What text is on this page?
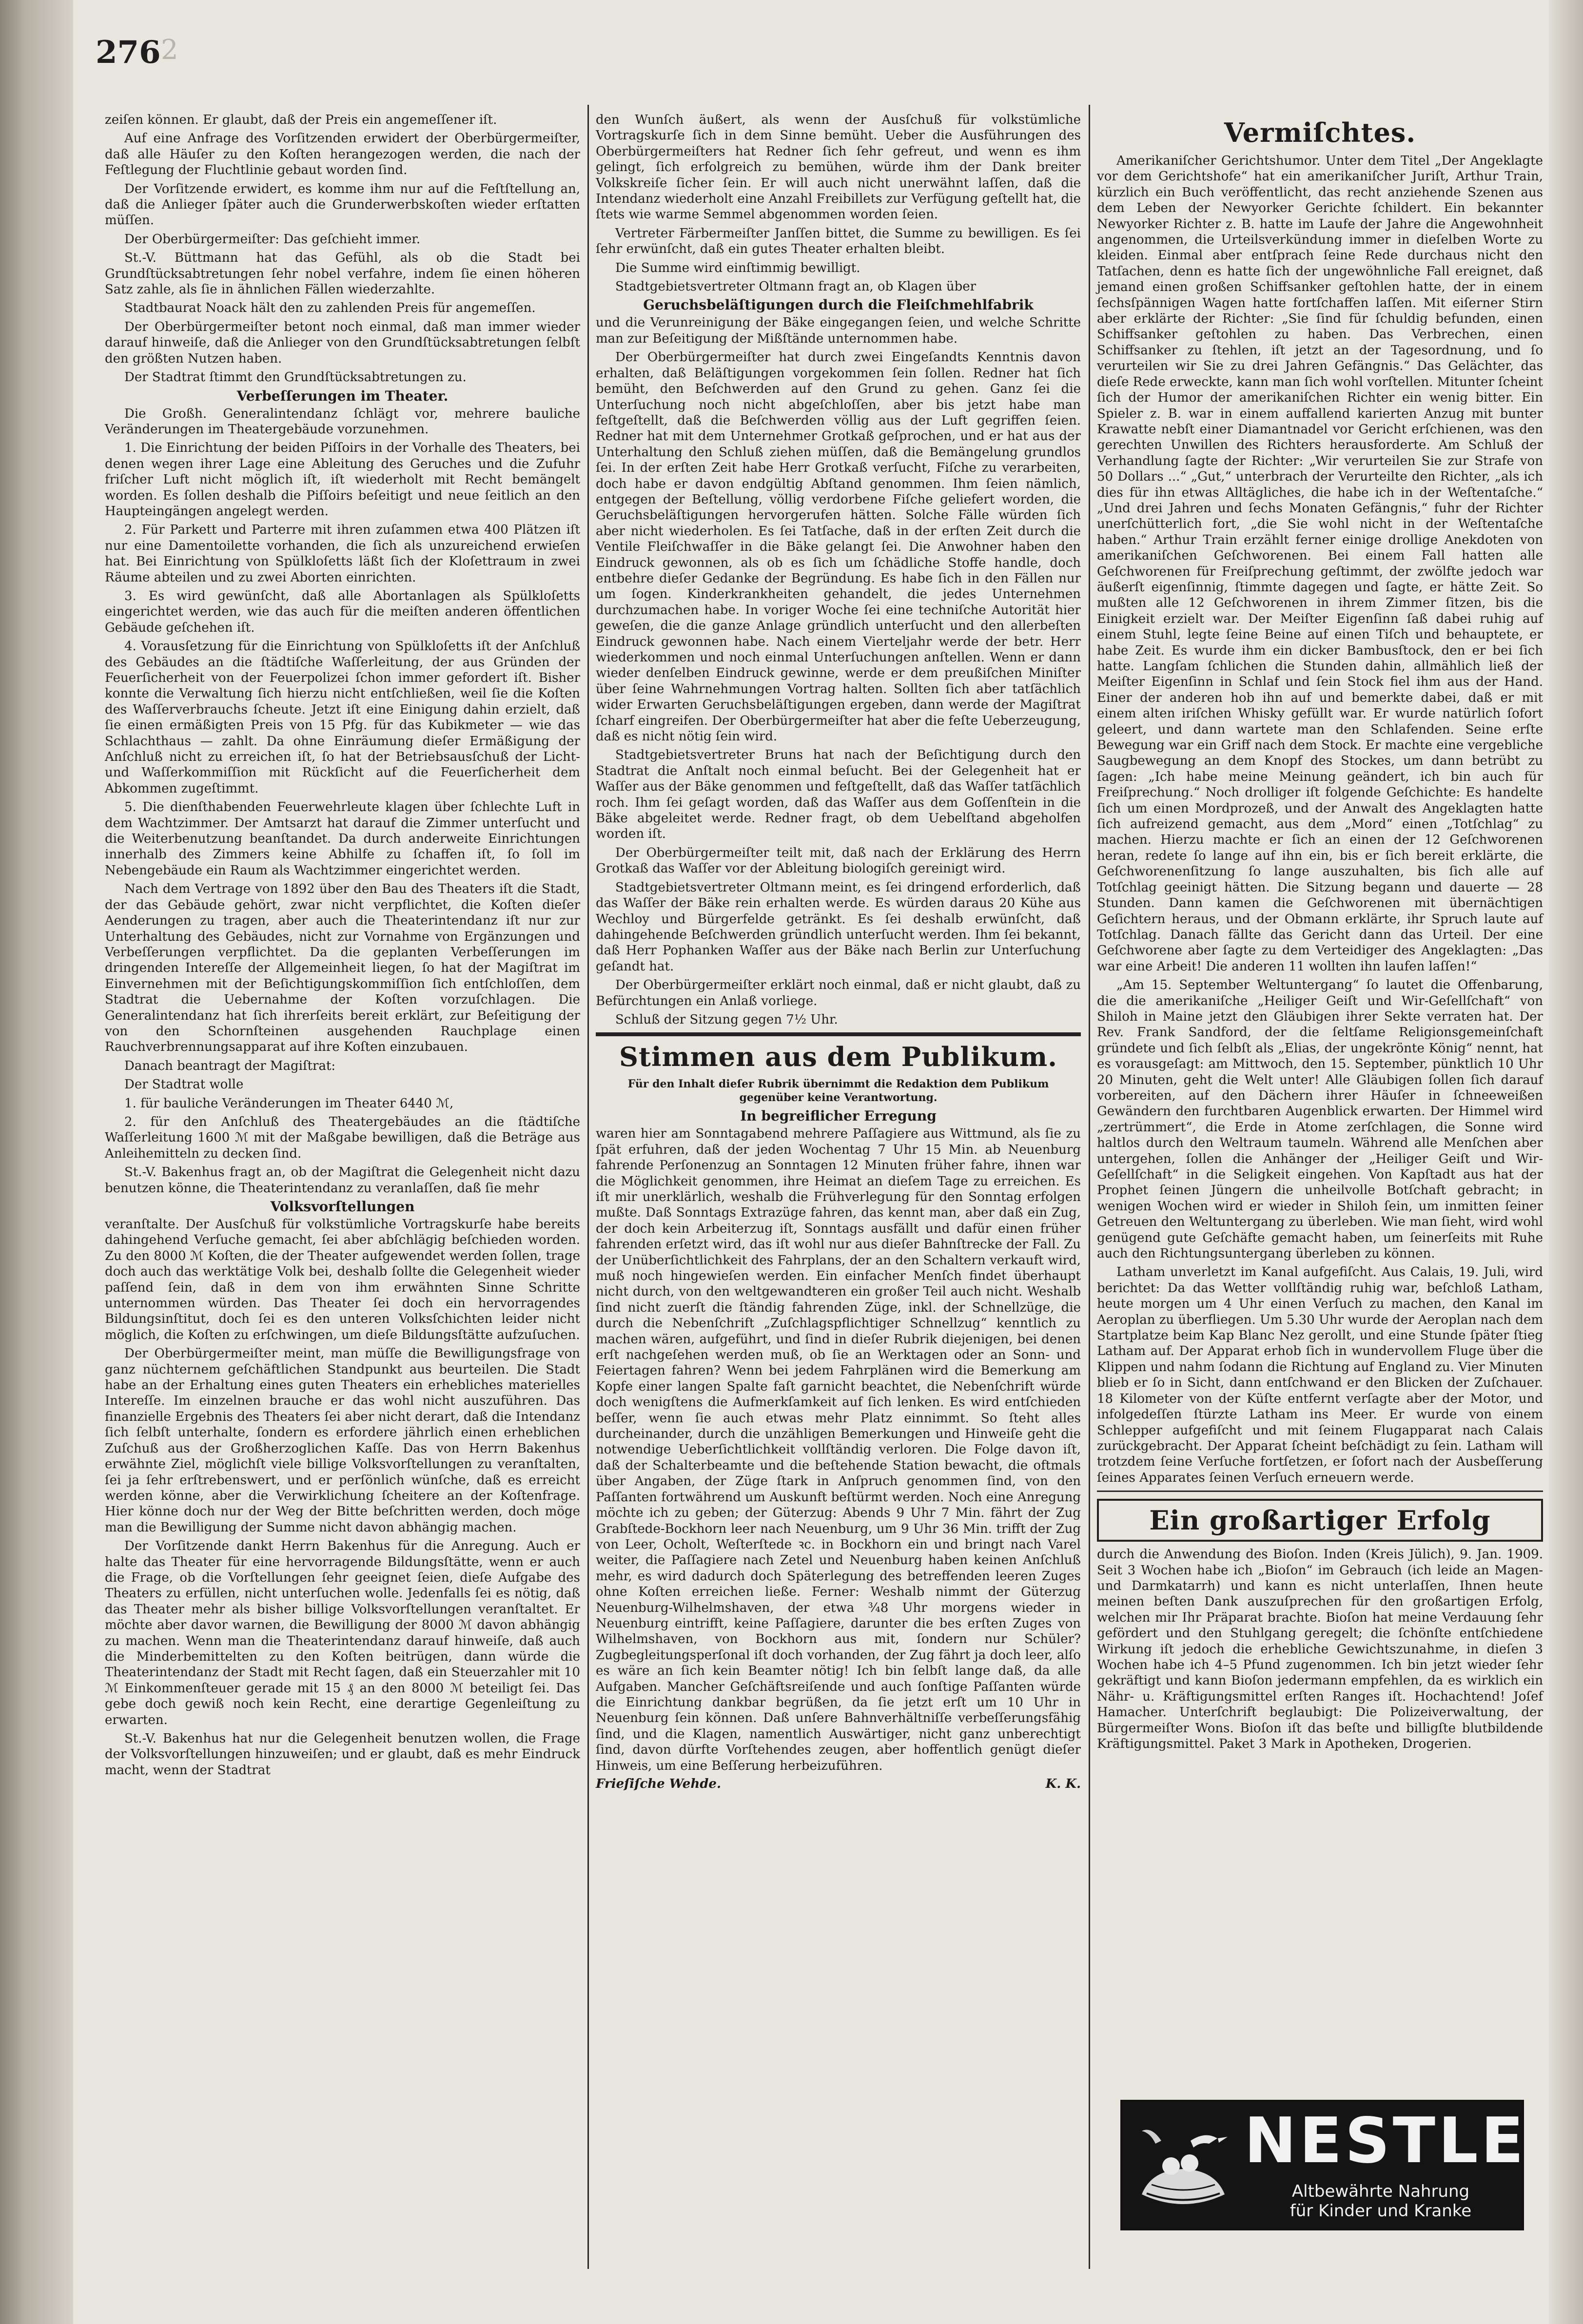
276 2

zeiſen können. Er glaubt, daß der Preis ein angemeſſener iſt.

Auf eine Anfrage des Vorſitzenden erwidert der Oberbürgermeiſter, daß alle Häuſer zu den Koſten herangezogen werden, die nach der Feſtlegung der Fluchtlinie gebaut worden ſind.

Der Vorſitzende erwidert, es komme ihm nur auf die Feſtſtellung an, daß die Anlieger ſpäter auch die Grunderwerbskoſten wieder erſtatten müſſen.

Der Oberbürgermeiſter: Das geſchieht immer.

St.-V. Büttmann hat das Gefühl, als ob die Stadt bei Grundſtücksabtretungen ſehr nobel verfahre, indem ſie einen höheren Satz zahle, als ſie in ähnlichen Fällen wiederzahlte.

Stadtbaurat Noack hält den zu zahlenden Preis für angemeſſen.

Der Oberbürgermeiſter betont noch einmal, daß man immer wieder darauf hinweiſe, daß die Anlieger von den Grundſtücksabtretungen ſelbſt den größten Nutzen haben.

Der Stadtrat ſtimmt den Grundſtücksabtretungen zu.

Verbeſſerungen im Theater.

Die Großh. Generalintendanz ſchlägt vor, mehrere bauliche Veränderungen im Theatergebäude vorzunehmen.

1. Die Einrichtung der beiden Piſſoirs in der Vorhalle des Theaters, bei denen wegen ihrer Lage eine Ableitung des Geruches und die Zufuhr friſcher Luft nicht möglich iſt, iſt wiederholt mit Recht bemängelt worden. Es ſollen deshalb die Piſſoirs beſeitigt und neue ſeitlich an den Haupteingängen angelegt werden.

2. Für Parkett und Parterre mit ihren zuſammen etwa 400 Plätzen iſt nur eine Damentoilette vorhanden, die ſich als unzureichend erwieſen hat. Bei Einrichtung von Spülkloſetts läßt ſich der Kloſettraum in zwei Räume abteilen und zu zwei Aborten einrichten.

3. Es wird gewünſcht, daß alle Abortanlagen als Spülkloſetts eingerichtet werden, wie das auch für die meiſten anderen öffentlichen Gebäude geſchehen iſt.

4. Vorausſetzung für die Einrichtung von Spülkloſetts iſt der Anſchluß des Gebäudes an die ſtädtiſche Waſſerleitung, der aus Gründen der Feuerſicherheit von der Feuerpolizei ſchon immer gefordert iſt. Bisher konnte die Verwaltung ſich hierzu nicht entſchließen, weil ſie die Koſten des Waſſerverbrauchs ſcheute. Jetzt iſt eine Einigung dahin erzielt, daß ſie einen ermäßigten Preis von 15 Pfg. für das Kubikmeter — wie das Schlachthaus — zahlt. Da ohne Einräumung dieſer Ermäßigung der Anſchluß nicht zu erreichen iſt, ſo hat der Betriebsausſchuß der Licht- und Waſſerkommiſſion mit Rückſicht auf die Feuerſicherheit dem Abkommen zugeſtimmt.

5. Die dienſthabenden Feuerwehrleute klagen über ſchlechte Luft in dem Wachtzimmer. Der Amtsarzt hat darauf die Zimmer unterſucht und die Weiterbenutzung beanſtandet. Da durch anderweite Einrichtungen innerhalb des Zimmers keine Abhilfe zu ſchaffen iſt, ſo ſoll im Nebengebäude ein Raum als Wachtzimmer eingerichtet werden.

Nach dem Vertrage von 1892 über den Bau des Theaters iſt die Stadt, der das Gebäude gehört, zwar nicht verpflichtet, die Koſten dieſer Aenderungen zu tragen, aber auch die Theaterintendanz iſt nur zur Unterhaltung des Gebäudes, nicht zur Vornahme von Ergänzungen und Verbeſſerungen verpflichtet. Da die geplanten Verbeſſerungen im dringenden Intereſſe der Allgemeinheit liegen, ſo hat der Magiſtrat im Einvernehmen mit der Beſichtigungskommiſſion ſich entſchloſſen, dem Stadtrat die Uebernahme der Koſten vorzuſchlagen. Die Generalintendanz hat ſich ihrerſeits bereit erklärt, zur Beſeitigung der von den Schornſteinen ausgehenden Rauchplage einen Rauchverbrennungsapparat auf ihre Koſten einzubauen.

Danach beantragt der Magiſtrat:

Der Stadtrat wolle

1. für bauliche Veränderungen im Theater 6440 ℳ,

2. für den Anſchluß des Theatergebäudes an die ſtädtiſche Waſſerleitung 1600 ℳ mit der Maßgabe bewilligen, daß die Beträge aus Anleihemitteln zu decken ſind.

St.-V. Bakenhus fragt an, ob der Magiſtrat die Gelegenheit nicht dazu benutzen könne, die Theaterintendanz zu veranlaſſen, daß ſie mehr

Volksvorſtellungen

veranſtalte. Der Ausſchuß für volkstümliche Vortragskurſe habe bereits dahingehend Verſuche gemacht, ſei aber abſchlägig beſchieden worden. Zu den 8000 ℳ Koſten, die der Theater aufgewendet werden ſollen, trage doch auch das werktätige Volk bei, deshalb ſollte die Gelegenheit wieder paſſend ſein, daß in dem von ihm erwähnten Sinne Schritte unternommen würden. Das Theater ſei doch ein hervorragendes Bildungsinſtitut, doch ſei es den unteren Volksſchichten leider nicht möglich, die Koſten zu erſchwingen, um dieſe Bildungsſtätte aufzuſuchen.

Der Oberbürgermeiſter meint, man müſſe die Bewilligungsfrage von ganz nüchternem geſchäftlichen Standpunkt aus beurteilen. Die Stadt habe an der Erhaltung eines guten Theaters ein erhebliches materielles Intereſſe. Im einzelnen brauche er das wohl nicht auszuführen. Das finanzielle Ergebnis des Theaters ſei aber nicht derart, daß die Intendanz ſich ſelbſt unterhalte, ſondern es erfordere jährlich einen erheblichen Zuſchuß aus der Großherzoglichen Kaſſe. Das von Herrn Bakenhus erwähnte Ziel, möglichſt viele billige Volksvorſtellungen zu veranſtalten, ſei ja ſehr erſtrebenswert, und er perſönlich wünſche, daß es erreicht werden könne, aber die Verwirklichung ſcheitere an der Koſtenfrage. Hier könne doch nur der Weg der Bitte beſchritten werden, doch möge man die Bewilligung der Summe nicht davon abhängig machen.

Der Vorſitzende dankt Herrn Bakenhus für die Anregung. Auch er halte das Theater für eine hervorragende Bildungsſtätte, wenn er auch die Frage, ob die Vorſtellungen ſehr geeignet ſeien, dieſe Aufgabe des Theaters zu erfüllen, nicht unterſuchen wolle. Jedenfalls ſei es nötig, daß das Theater mehr als bisher billige Volksvorſtellungen veranſtaltet. Er möchte aber davor warnen, die Bewilligung der 8000 ℳ davon abhängig zu machen. Wenn man die Theaterintendanz darauf hinweiſe, daß auch die Minderbemittelten zu den Koſten beitrügen, dann würde die Theaterintendanz der Stadt mit Recht ſagen, daß ein Steuerzahler mit 10 ℳ Einkommenſteuer gerade mit 15 ₰ an den 8000 ℳ beteiligt ſei. Das gebe doch gewiß noch kein Recht, eine derartige Gegenleiſtung zu erwarten.

St.-V. Bakenhus hat nur die Gelegenheit benutzen wollen, die Frage der Volksvorſtellungen hinzuweiſen; und er glaubt, daß es mehr Eindruck macht, wenn der Stadtrat

den Wunſch äußert, als wenn der Ausſchuß für volkstümliche Vortragskurſe ſich in dem Sinne bemüht. Ueber die Ausführungen des Oberbürgermeiſters hat Redner ſich ſehr gefreut, und wenn es ihm gelingt, ſich erfolgreich zu bemühen, würde ihm der Dank breiter Volkskreiſe ſicher ſein. Er will auch nicht unerwähnt laſſen, daß die Intendanz wiederholt eine Anzahl Freibillets zur Verfügung geſtellt hat, die ſtets wie warme Semmel abgenommen worden ſeien.

Vertreter Färbermeiſter Janſſen bittet, die Summe zu bewilligen. Es ſei ſehr erwünſcht, daß ein gutes Theater erhalten bleibt.

Die Summe wird einſtimmig bewilligt.

Stadtgebietsvertreter Oltmann fragt an, ob Klagen über

Geruchsbeläſtigungen durch die Fleiſchmehlfabrik

und die Verunreinigung der Bäke eingegangen ſeien, und welche Schritte man zur Beſeitigung der Mißſtände unternommen habe.

Der Oberbürgermeiſter hat durch zwei Eingeſandts Kenntnis davon erhalten, daß Beläſtigungen vorgekommen ſein ſollen. Redner hat ſich bemüht, den Beſchwerden auf den Grund zu gehen. Ganz ſei die Unterſuchung noch nicht abgeſchloſſen, aber bis jetzt habe man feſtgeſtellt, daß die Beſchwerden völlig aus der Luft gegriffen ſeien. Redner hat mit dem Unternehmer Grotkaß geſprochen, und er hat aus der Unterhaltung den Schluß ziehen müſſen, daß die Bemängelung grundlos ſei. In der erſten Zeit habe Herr Grotkaß verſucht, Fiſche zu verarbeiten, doch habe er davon endgültig Abſtand genommen. Ihm ſeien nämlich, entgegen der Beſtellung, völlig verdorbene Fiſche geliefert worden, die Geruchsbeläſtigungen hervorgerufen hätten. Solche Fälle würden ſich aber nicht wiederholen. Es ſei Tatſache, daß in der erſten Zeit durch die Ventile Fleiſchwaſſer in die Bäke gelangt ſei. Die Anwohner haben den Eindruck gewonnen, als ob es ſich um ſchädliche Stoffe handle, doch entbehre dieſer Gedanke der Begründung. Es habe ſich in den Fällen nur um ſogen. Kinderkrankheiten gehandelt, die jedes Unternehmen durchzumachen habe. In voriger Woche ſei eine techniſche Autorität hier geweſen, die die ganze Anlage gründlich unterſucht und den allerbeſten Eindruck gewonnen habe. Nach einem Vierteljahr werde der betr. Herr wiederkommen und noch einmal Unterſuchungen anſtellen. Wenn er dann wieder denſelben Eindruck gewinne, werde er dem preußiſchen Miniſter über ſeine Wahrnehmungen Vortrag halten. Sollten ſich aber tatſächlich wider Erwarten Geruchsbeläſtigungen ergeben, dann werde der Magiſtrat ſcharf eingreifen. Der Oberbürgermeiſter hat aber die feſte Ueberzeugung, daß es nicht nötig ſein wird.

Stadtgebietsvertreter Bruns hat nach der Beſichtigung durch den Stadtrat die Anſtalt noch einmal beſucht. Bei der Gelegenheit hat er Waſſer aus der Bäke genommen und feſtgeſtellt, daß das Waſſer tatſächlich roch. Ihm ſei geſagt worden, daß das Waſſer aus dem Goſſenſtein in die Bäke abgeleitet werde. Redner fragt, ob dem Uebelſtand abgeholfen worden iſt.

Der Oberbürgermeiſter teilt mit, daß nach der Erklärung des Herrn Grotkaß das Waſſer vor der Ableitung biologiſch gereinigt wird.

Stadtgebietsvertreter Oltmann meint, es ſei dringend erforderlich, daß das Waſſer der Bäke rein erhalten werde. Es würden daraus 20 Kühe aus Wechloy und Bürgerfelde getränkt. Es ſei deshalb erwünſcht, daß dahingehende Beſchwerden gründlich unterſucht werden. Ihm ſei bekannt, daß Herr Pophanken Waſſer aus der Bäke nach Berlin zur Unterſuchung geſandt hat.

Der Oberbürgermeiſter erklärt noch einmal, daß er nicht glaubt, daß zu Befürchtungen ein Anlaß vorliege.

Schluß der Sitzung gegen 7½ Uhr.

Stimmen aus dem Publikum.
Für den Inhalt dieſer Rubrik übernimmt die Redaktion dem Publikum gegenüber keine Verantwortung.
In begreiflicher Erregung

waren hier am Sonntagabend mehrere Paſſagiere aus Wittmund, als ſie zu ſpät erfuhren, daß der jeden Wochentag 7 Uhr 15 Min. ab Neuenburg fahrende Perſonenzug an Sonntagen 12 Minuten früher fahre, ihnen war die Möglichkeit genommen, ihre Heimat an dieſem Tage zu erreichen. Es iſt mir unerklärlich, weshalb die Frühverlegung für den Sonntag erfolgen mußte. Daß Sonntags Extrazüge fahren, das kennt man, aber daß ein Zug, der doch kein Arbeiterzug iſt, Sonntags ausfällt und dafür einen früher fahrenden erſetzt wird, das iſt wohl nur aus dieſer Bahnſtrecke der Fall. Zu der Unüberſichtlichkeit des Fahrplans, der an den Schaltern verkauft wird, muß noch hingewieſen werden. Ein einfacher Menſch findet überhaupt nicht durch, von den weltgewandteren ein großer Teil auch nicht. Weshalb ſind nicht zuerſt die ſtändig fahrenden Züge, inkl. der Schnellzüge, die durch die Nebenſchrift „Zuſchlagspflichtiger Schnellzug“ kenntlich zu machen wären, aufgeführt, und ſind in dieſer Rubrik diejenigen, bei denen erſt nachgeſehen werden muß, ob ſie an Werktagen oder an Sonn- und Feiertagen fahren? Wenn bei jedem Fahrplänen wird die Bemerkung am Kopfe einer langen Spalte faſt garnicht beachtet, die Nebenſchrift würde doch wenigſtens die Aufmerkſamkeit auf ſich lenken. Es wird entſchieden beſſer, wenn ſie auch etwas mehr Platz einnimmt. So ſteht alles durcheinander, durch die unzähligen Bemerkungen und Hinweiſe geht die notwendige Ueberſichtlichkeit vollſtändig verloren. Die Folge davon iſt, daß der Schalterbeamte und die beſtehende Station bewacht, die oftmals über Angaben, der Züge ſtark in Anſpruch genommen ſind, von den Paſſanten fortwährend um Auskunft beſtürmt werden. Noch eine Anregung möchte ich zu geben; der Güterzug: Abends 9 Uhr 7 Min. fährt der Zug Grabſtede-Bockhorn leer nach Neuenburg, um 9 Uhr 36 Min. trifft der Zug von Leer, Ocholt, Weſterſtede ꝛc. in Bockhorn ein und bringt nach Varel weiter, die Paſſagiere nach Zetel und Neuenburg haben keinen Anſchluß mehr, es wird dadurch doch Späterlegung des betreffenden leeren Zuges ohne Koſten erreichen ließe. Ferner: Weshalb nimmt der Güterzug Neuenburg-Wilhelmshaven, der etwa ¾8 Uhr morgens wieder in Neuenburg eintrifft, keine Paſſagiere, darunter die bes erſten Zuges von Wilhelmshaven, von Bockhorn aus mit, ſondern nur Schüler? Zugbegleitungsperſonal iſt doch vorhanden, der Zug fährt ja doch leer, alſo es wäre an ſich kein Beamter nötig! Ich bin ſelbſt lange daß, da alle Aufgaben. Mancher Geſchäftsreiſende und auch ſonſtige Paſſanten würde die Einrichtung dankbar begrüßen, da ſie jetzt erſt um 10 Uhr in Neuenburg ſein können. Daß unſere Bahnverhältniſſe verbeſſerungsfähig ſind, und die Klagen, namentlich Auswärtiger, nicht ganz unberechtigt ſind, davon dürfte Vorſtehendes zeugen, aber hoffentlich genügt dieſer Hinweis, um eine Beſſerung herbeizuführen.

Frieſiſche Wehde.	K. K.
Vermiſchtes.

Amerikaniſcher Gerichtshumor. Unter dem Titel „Der Angeklagte vor dem Gerichtshofe“ hat ein amerikaniſcher Juriſt, Arthur Train, kürzlich ein Buch veröffentlicht, das recht anziehende Szenen aus dem Leben der Newyorker Gerichte ſchildert. Ein bekannter Newyorker Richter z. B. hatte im Laufe der Jahre die Angewohnheit angenommen, die Urteilsverkündung immer in dieſelben Worte zu kleiden. Einmal aber entſprach ſeine Rede durchaus nicht den Tatſachen, denn es hatte ſich der ungewöhnliche Fall ereignet, daß jemand einen großen Schiffsanker geſtohlen hatte, der in einem ſechsſpännigen Wagen hatte fortſchaffen laſſen. Mit eiſerner Stirn aber erklärte der Richter: „Sie ſind für ſchuldig befunden, einen Schiffsanker geſtohlen zu haben. Das Verbrechen, einen Schiffsanker zu ſtehlen, iſt jetzt an der Tagesordnung, und ſo verurteilen wir Sie zu drei Jahren Gefängnis.“ Das Gelächter, das dieſe Rede erweckte, kann man ſich wohl vorſtellen. Mitunter ſcheint ſich der Humor der amerikaniſchen Richter ein wenig bitter. Ein Spieler z. B. war in einem auffallend karierten Anzug mit bunter Krawatte nebſt einer Diamantnadel vor Gericht erſchienen, was den gerechten Unwillen des Richters herausforderte. Am Schluß der Verhandlung ſagte der Richter: „Wir verurteilen Sie zur Strafe von 50 Dollars ...“ „Gut,“ unterbrach der Verurteilte den Richter, „als ich dies für ihn etwas Alltägliches, die habe ich in der Weſtentaſche.“ „Und drei Jahren und ſechs Monaten Gefängnis,“ fuhr der Richter unerſchütterlich fort, „die Sie wohl nicht in der Weſtentaſche haben.“ Arthur Train erzählt ferner einige drollige Anekdoten von amerikaniſchen Geſchworenen. Bei einem Fall hatten alle Geſchworenen für Freiſprechung geſtimmt, der zwölfte jedoch war äußerſt eigenſinnig, ſtimmte dagegen und ſagte, er hätte Zeit. So mußten alle 12 Geſchworenen in ihrem Zimmer ſitzen, bis die Einigkeit erzielt war. Der Meiſter Eigenſinn ſaß dabei ruhig auf einem Stuhl, legte ſeine Beine auf einen Tiſch und behauptete, er habe Zeit. Es wurde ihm ein dicker Bambusſtock, den er bei ſich hatte. Langſam ſchlichen die Stunden dahin, allmählich ließ der Meiſter Eigenſinn in Schlaf und ſein Stock fiel ihm aus der Hand. Einer der anderen hob ihn auf und bemerkte dabei, daß er mit einem alten iriſchen Whisky gefüllt war. Er wurde natürlich ſofort geleert, und dann wartete man den Schlafenden. Seine erſte Bewegung war ein Griff nach dem Stock. Er machte eine vergebliche Saugbewegung an dem Knopf des Stockes, um dann betrübt zu ſagen: „Ich habe meine Meinung geändert, ich bin auch für Freiſprechung.“ Noch drolliger iſt folgende Geſchichte: Es handelte ſich um einen Mordprozeß, und der Anwalt des Angeklagten hatte ſich aufreizend gemacht, aus dem „Mord“ einen „Totſchlag“ zu machen. Hierzu machte er ſich an einen der 12 Geſchworenen heran, redete ſo lange auf ihn ein, bis er ſich bereit erklärte, die Geſchworenenſitzung ſo lange auszuhalten, bis ſich alle auf Totſchlag geeinigt hätten. Die Sitzung begann und dauerte — 28 Stunden. Dann kamen die Geſchworenen mit übernächtigen Geſichtern heraus, und der Obmann erklärte, ihr Spruch laute auf Totſchlag. Danach fällte das Gericht dann das Urteil. Der eine Geſchworene aber ſagte zu dem Verteidiger des Angeklagten: „Das war eine Arbeit! Die anderen 11 wollten ihn laufen laſſen!“

„Am 15. September Weltuntergang“ ſo lautet die Offenbarung, die die amerikaniſche „Heiliger Geiſt und Wir-Geſellſchaft“ von Shiloh in Maine jetzt den Gläubigen ihrer Sekte verraten hat. Der Rev. Frank Sandford, der die ſeltſame Religionsgemeinſchaft gründete und ſich ſelbſt als „Elias, der ungekrönte König“ nennt, hat es vorausgeſagt: am Mittwoch, den 15. September, pünktlich 10 Uhr 20 Minuten, geht die Welt unter! Alle Gläubigen ſollen ſich darauf vorbereiten, auf den Dächern ihrer Häuſer in ſchneeweißen Gewändern den furchtbaren Augenblick erwarten. Der Himmel wird „zertrümmert“, die Erde in Atome zerſchlagen, die Sonne wird haltlos durch den Weltraum taumeln. Während alle Menſchen aber untergehen, ſollen die Anhänger der „Heiliger Geiſt und Wir-Geſellſchaft“ in die Seligkeit eingehen. Von Kapſtadt aus hat der Prophet ſeinen Jüngern die unheilvolle Botſchaft gebracht; in wenigen Wochen wird er wieder in Shiloh ſein, um inmitten ſeiner Getreuen den Weltuntergang zu überleben. Wie man ſieht, wird wohl genügend gute Geſchäfte gemacht haben, um ſeinerſeits mit Ruhe auch den Richtungsuntergang überleben zu können.

Latham unverletzt im Kanal aufgefiſcht. Aus Calais, 19. Juli, wird berichtet: Da das Wetter vollſtändig ruhig war, beſchloß Latham, heute morgen um 4 Uhr einen Verſuch zu machen, den Kanal im Aeroplan zu überfliegen. Um 5.30 Uhr wurde der Aeroplan nach dem Startplatze beim Kap Blanc Nez gerollt, und eine Stunde ſpäter ſtieg Latham auf. Der Apparat erhob ſich in wundervollem Fluge über die Klippen und nahm ſodann die Richtung auf England zu. Vier Minuten blieb er ſo in Sicht, dann entſchwand er den Blicken der Zuſchauer. 18 Kilometer von der Küſte entfernt verſagte aber der Motor, und infolgedeſſen ſtürzte Latham ins Meer. Er wurde von einem Schlepper aufgefiſcht und mit ſeinem Flugapparat nach Calais zurückgebracht. Der Apparat ſcheint beſchädigt zu ſein. Latham will trotzdem ſeine Verſuche fortſetzen, er ſofort nach der Ausbeſſerung ſeines Apparates ſeinen Verſuch erneuern werde.

Ein großartiger Erfolg

durch die Anwendung des Bioſon. Inden (Kreis Jülich), 9. Jan. 1909. Seit 3 Wochen habe ich „Bioſon“ im Gebrauch (ich leide an Magen- und Darmkatarrh) und kann es nicht unterlaſſen, Ihnen heute meinen beſten Dank auszuſprechen für den großartigen Erfolg, welchen mir Ihr Präparat brachte. Bioſon hat meine Verdauung ſehr gefördert und den Stuhlgang geregelt; die ſchönſte entſchiedene Wirkung iſt jedoch die erhebliche Gewichtszunahme, in dieſen 3 Wochen habe ich 4–5 Pfund zugenommen. Ich bin jetzt wieder ſehr gekräftigt und kann Bioſon jedermann empfehlen, da es wirklich ein Nähr- u. Kräftigungsmittel erſten Ranges iſt. Hochachtend! Joſef Hamacher. Unterſchrift beglaubigt: Die Polizeiverwaltung, der Bürgermeiſter Wons. Bioſon iſt das beſte und billigſte blutbildende Kräftigungsmittel. Paket 3 Mark in Apotheken, Drogerien.

NESTLE
Altbewährte Nahrung
für Kinder und Kranke
